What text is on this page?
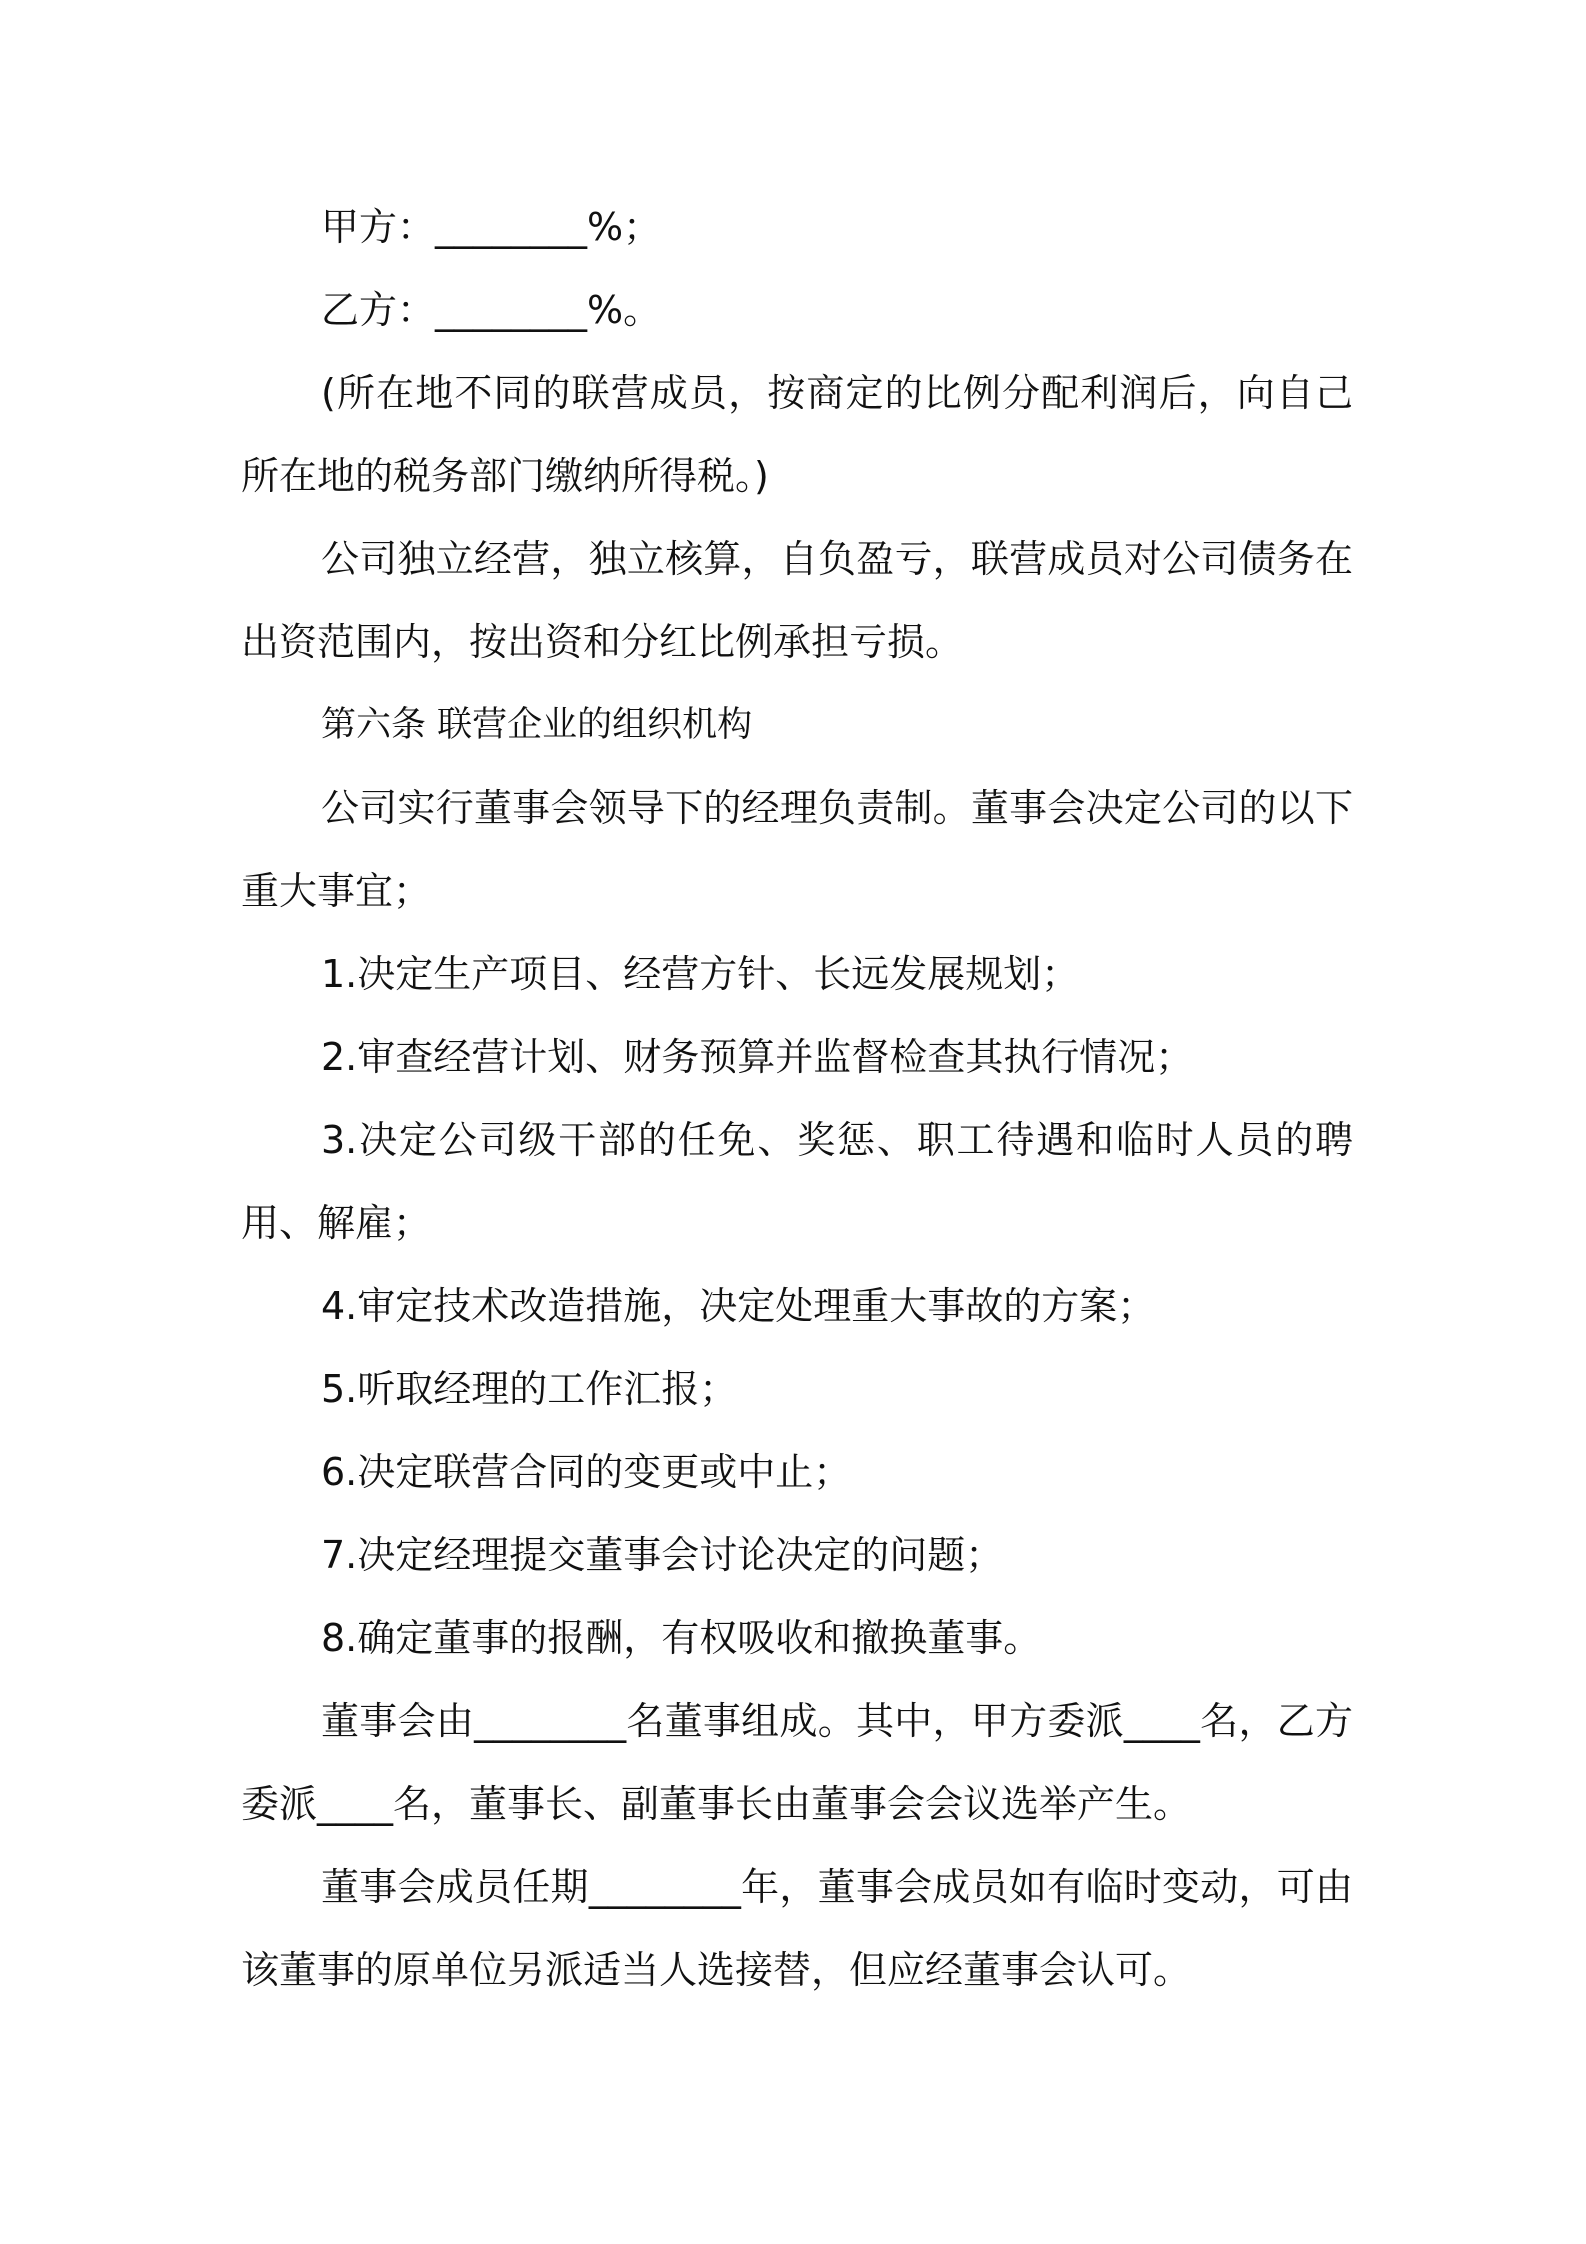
甲方：________%；

乙方：________%。

(所在地不同的联营成员，按商定的比例分配利润后，向自己所在地的税务部门缴纳所得税。)

公司独立经营，独立核算，自负盈亏，联营成员对公司债务在出资范围内，按出资和分红比例承担亏损。

第六条 联营企业的组织机构

公司实行董事会领导下的经理负责制。董事会决定公司的以下重大事宜；

1.决定生产项目、经营方针、长远发展规划；

2.审查经营计划、财务预算并监督检查其执行情况；

3.决定公司级干部的任免、奖惩、职工待遇和临时人员的聘用、解雇；

4.审定技术改造措施，决定处理重大事故的方案；

5.听取经理的工作汇报；

6.决定联营合同的变更或中止；

7.决定经理提交董事会讨论决定的问题；

8.确定董事的报酬，有权吸收和撤换董事。

董事会由________名董事组成。其中，甲方委派____名，乙方委派____名，董事长、副董事长由董事会会议选举产生。

董事会成员任期________年，董事会成员如有临时变动，可由该董事的原单位另派适当人选接替，但应经董事会认可。
